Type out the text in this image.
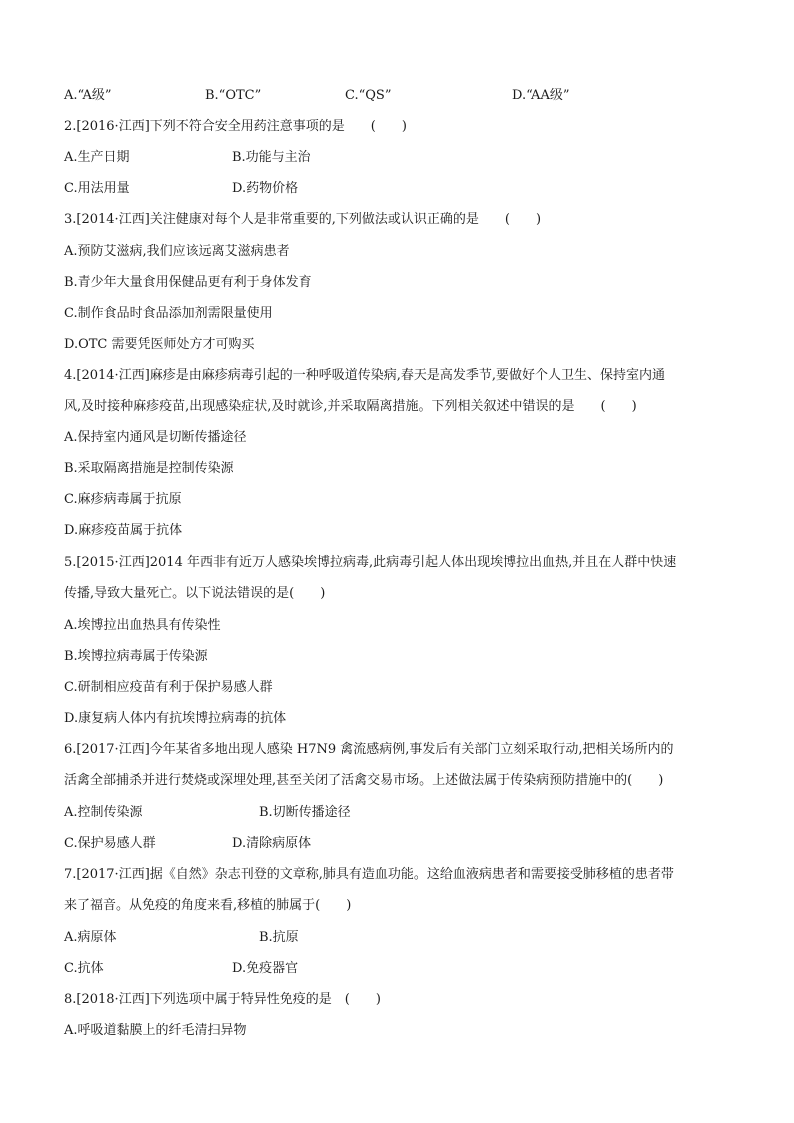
A.“A级”	B.“OTC”	C.“QS”	D.“AA级”
2.[2016·江西]下列不符合安全用药注意事项的是　　(　　)
A.生产日期	B.功能与主治
C.用法用量	D.药物价格
3.[2014·江西]关注健康对每个人是非常重要的,下列做法或认识正确的是　　(　　)
A.预防艾滋病,我们应该远离艾滋病患者
B.青少年大量食用保健品更有利于身体发育
C.制作食品时食品添加剂需限量使用
D.OTC 需要凭医师处方才可购买
4.[2014·江西]麻疹是由麻疹病毒引起的一种呼吸道传染病,春天是高发季节,要做好个人卫生、保持室内通
风,及时接种麻疹疫苗,出现感染症状,及时就诊,并采取隔离措施。下列相关叙述中错误的是　　(　　)
A.保持室内通风是切断传播途径
B.采取隔离措施是控制传染源
C.麻疹病毒属于抗原
D.麻疹疫苗属于抗体
5.[2015·江西]2014 年西非有近万人感染埃博拉病毒,此病毒引起人体出现埃博拉出血热,并且在人群中快速
传播,导致大量死亡。以下说法错误的是(　　)
A.埃博拉出血热具有传染性
B.埃博拉病毒属于传染源
C.研制相应疫苗有利于保护易感人群
D.康复病人体内有抗埃博拉病毒的抗体
6.[2017·江西]今年某省多地出现人感染 H7N9 禽流感病例,事发后有关部门立刻采取行动,把相关场所内的
活禽全部捕杀并进行焚烧或深埋处理,甚至关闭了活禽交易市场。上述做法属于传染病预防措施中的(　　)
A.控制传染源	B.切断传播途径
C.保护易感人群	D.清除病原体
7.[2017·江西]据《自然》杂志刊登的文章称,肺具有造血功能。这给血液病患者和需要接受肺移植的患者带
来了福音。从免疫的角度来看,移植的肺属于(　　)
A.病原体	B.抗原
C.抗体	D.免疫器官
8.[2018·江西]下列选项中属于特异性免疫的是　(　　)
A.呼吸道黏膜上的纤毛清扫异物
